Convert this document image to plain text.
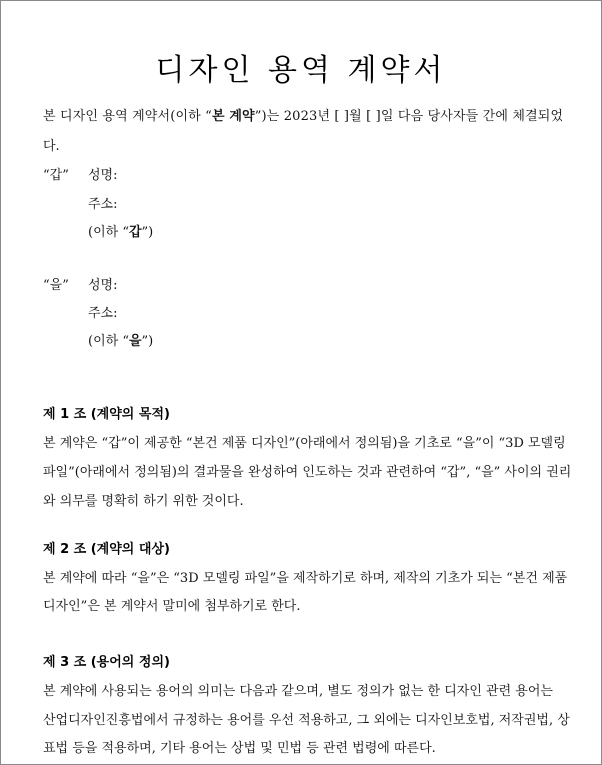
디자인 용역 계약서
본 디자인 용역 계약서(이하 “본 계약”)는 2023년 [ ]월 [ ]일 다음 당사자들 간에 체결되었
다.
“갑” 성명:
주소:
(이하 “갑”)
“을” 성명:
주소:
(이하 “을”)
제 1 조 (계약의 목적)
본 계약은 “갑”이 제공한 “본건 제품 디자인”(아래에서 정의됨)을 기초로 “을”이 “3D 모델링
파일”(아래에서 정의됨)의 결과물을 완성하여 인도하는 것과 관련하여 “갑”, “을” 사이의 권리
와 의무를 명확히 하기 위한 것이다.
제 2 조 (계약의 대상)
본 계약에 따라 “을”은 “3D 모델링 파일”을 제작하기로 하며, 제작의 기초가 되는 “본건 제품
디자인”은 본 계약서 말미에 첨부하기로 한다.
제 3 조 (용어의 정의)
본 계약에 사용되는 용어의 의미는 다음과 같으며, 별도 정의가 없는 한 디자인 관련 용어는
산업디자인진흥법에서 규정하는 용어를 우선 적용하고, 그 외에는 디자인보호법, 저작권법, 상
표법 등을 적용하며, 기타 용어는 상법 및 민법 등 관련 법령에 따른다.
